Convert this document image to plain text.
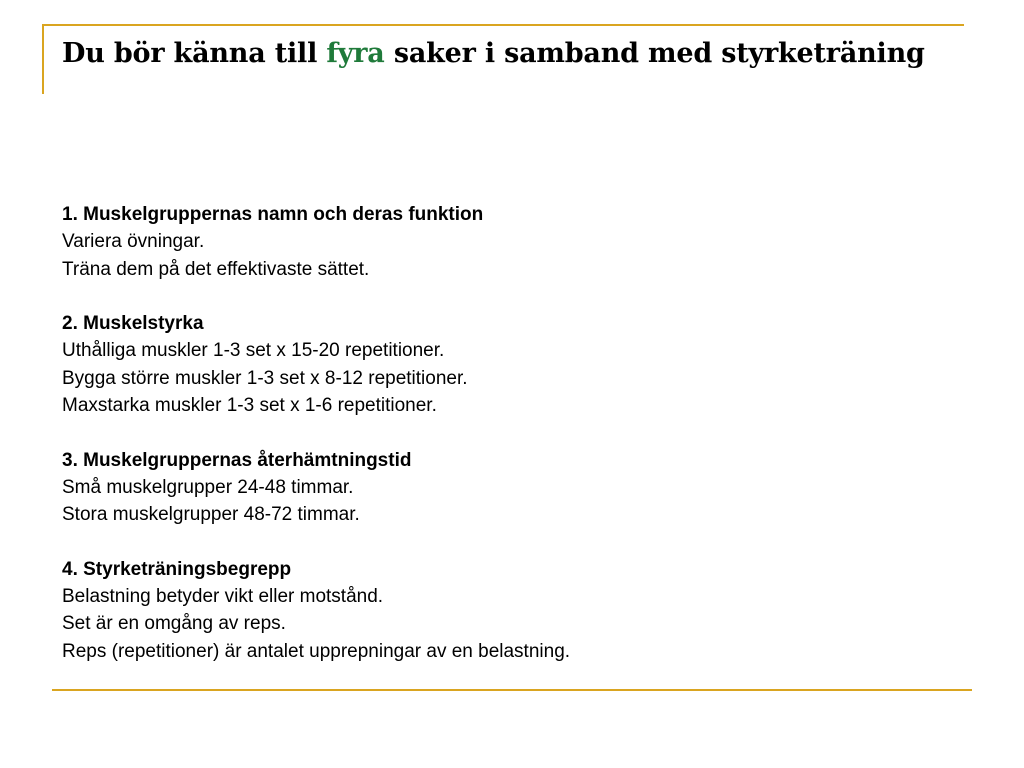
Du bör känna till fyra saker i samband med styrketräning
1. Muskelgruppernas namn och deras funktion
Variera övningar.
Träna dem på det effektivaste sättet.
2. Muskelstyrka
Uthålliga muskler 1-3 set x 15-20 repetitioner.
Bygga större muskler 1-3 set x 8-12 repetitioner.
Maxstarka muskler 1-3 set x 1-6 repetitioner.
3. Muskelgruppernas återhämtningstid
Små muskelgrupper 24-48 timmar.
Stora muskelgrupper 48-72 timmar.
4. Styrketräningsbegrepp
Belastning betyder vikt eller motstånd.
Set är en omgång av reps.
Reps (repetitioner) är antalet upprepningar av en belastning.
